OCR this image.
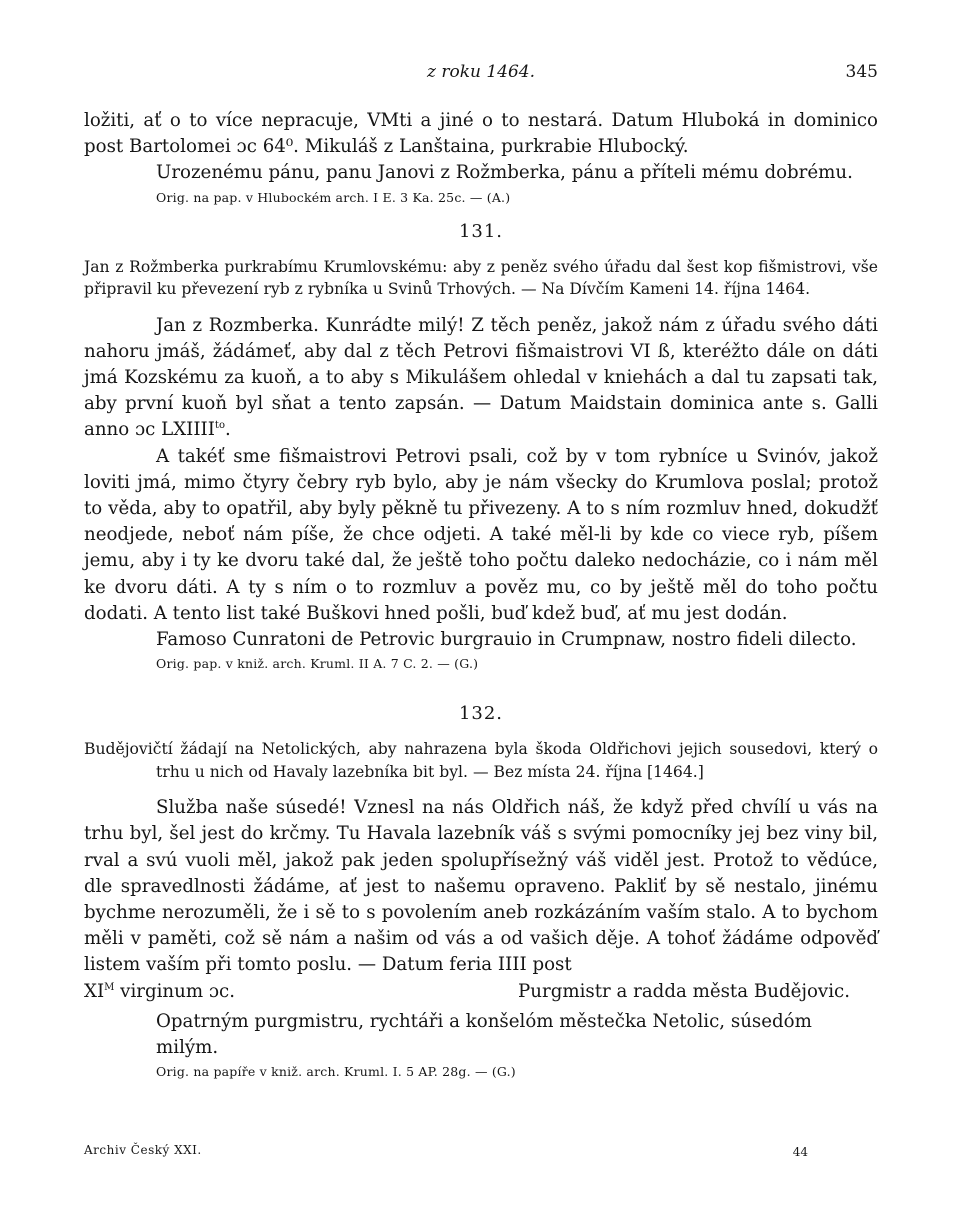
z roku 1464.	345

ložiti, ať o to více nepracuje, VMti a jiné o to nestará. Datum Hluboká in dominico post Bartolomei ɔc 64⁰. Mikuláš z Lanštaina, purkrabie Hlubocký.

Urozenému pánu, panu Janovi z Rožmberka, pánu a příteli mému dobrému.

Orig. na pap. v Hlubockém arch. I E. 3 Ka. 25c. — (A.)

131.

Jan z Rožmberka purkrabímu Krumlovskému: aby z peněz svého úřadu dal šest kop fišmistrovi, vše připravil ku převezení ryb z rybníka u Svinů Trhových. — Na Dívčím Kameni 14. října 1464.

Jan z Rozmberka. Kunrádte milý! Z těch peněz, jakož nám z úřadu svého dáti nahoru jmáš, žádámeť, aby dal z těch Petrovi fišmaistrovi VI ß, kteréžto dále on dáti jmá Kozskému za kuoň, a to aby s Mikulášem ohledal v kniehách a dal tu zapsati tak, aby první kuoň byl sňat a tento zapsán. — Datum Maidstain dominica ante s. Galli anno ɔc $LXIIII^{to}$.

A takéť sme fišmaistrovi Petrovi psali, což by v tom rybníce u Svinóv, jakož loviti jmá, mimo čtyry čebry ryb bylo, aby je nám všecky do Krumlova poslal; protož to věda, aby to opatřil, aby byly pěkně tu přivezeny. A to s ním rozmluv hned, dokudžť neodjede, neboť nám píše, že chce odjeti. A také měl-li by kde co viece ryb, píšem jemu, aby i ty ke dvoru také dal, že ještě toho počtu daleko nedocházie, co i nám měl ke dvoru dáti. A ty s ním o to rozmluv a pověz mu, co by ještě měl do toho počtu dodati. A tento list také Buškovi hned pošli, buď kdež buď, ať mu jest dodán.

Famoso Cunratoni de Petrovic burgrauio in Crumpnaw, nostro fideli dilecto.

Orig. pap. v kniž. arch. Kruml. II A. 7 C. 2. — (G.)

132.

Budějovičtí žádají na Netolických, aby nahrazena byla škoda Oldřichovi jejich sousedovi, který o trhu u nich od Havaly lazebníka bit byl. — Bez místa 24. října [1464.]

Služba naše súsedé! Vznesl na nás Oldřich náš, že když před chvílí u vás na trhu byl, šel jest do krčmy. Tu Havala lazebník váš s svými pomocníky jej bez viny bil, rval a svú vuoli měl, jakož pak jeden spolupřísežný váš viděl jest. Protož to vědúce, dle spravedlnosti žádáme, ať jest to našemu opraveno. Pakliť by sě nestalo, jinému bychme nerozuměli, že i sě to s povolením aneb rozkázáním vaším stalo. A to bychom měli v paměti, což sě nám a našim od vás a od vašich děje. A tohoť žádáme odpověď listem vaším při tomto poslu. — Datum feria IIII post

$XI^M$ virginum ɔc.	Purgmistr a radda města Budějovic.

Opatrným purgmistru, rychtáři a konšelóm městečka Netolic, súsedóm milým.

Orig. na papíře v kniž. arch. Kruml. I. 5 AP. 28g. — (G.)

Archiv Český XXI.	44
